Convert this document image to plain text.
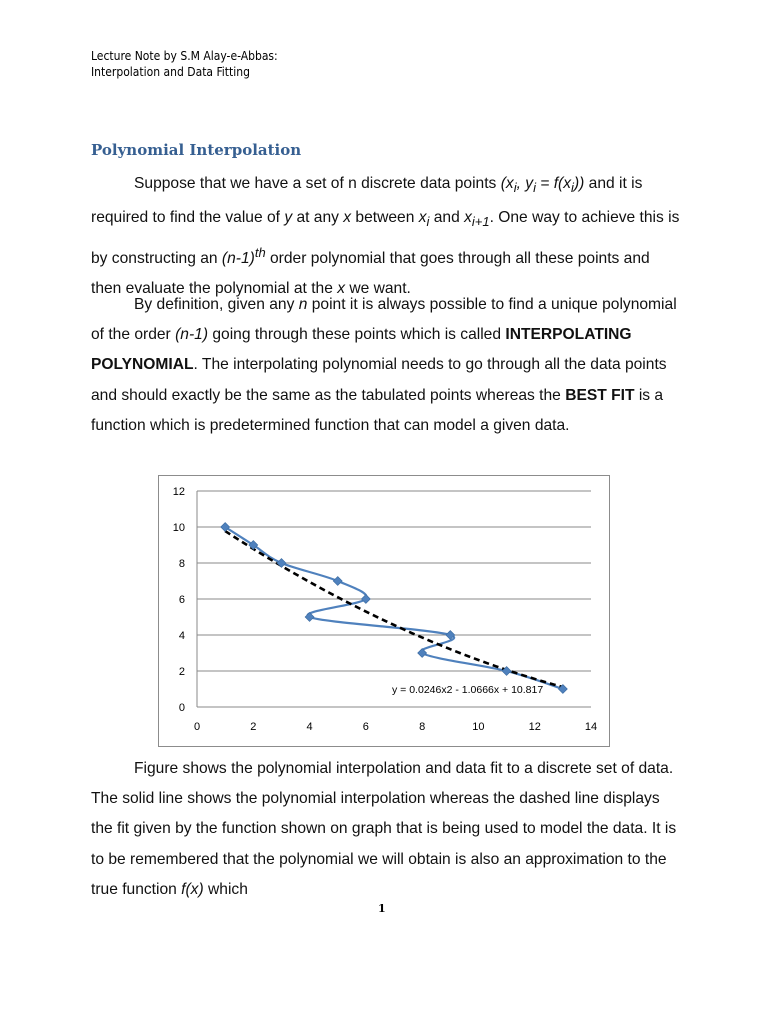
Lecture Note by S.M Alay-e-Abbas:
Interpolation and Data Fitting
Polynomial Interpolation

Suppose that we have a set of n discrete data points ($x_i$, $y_i = f(x_i)$) and it is required to find the value of y at any x between $x_i$ and $x_{i+1}$. One way to achieve this is by constructing an $(n-1)^{th}$ order polynomial that goes through all these points and then evaluate the polynomial at the x we want.

By definition, given any n point it is always possible to find a unique polynomial of the order (n-1) going through these points which is called INTERPOLATING POLYNOMIAL. The interpolating polynomial needs to go through all the data points and should exactly be the same as the tabulated points whereas the BEST FIT is a function which is predetermined function that can model a given data.

0
2
4
6
8
10
12
0	2	4	6	8	10	12	14
y = 0.0246x2 - 1.0666x + 10.817

Figure shows the polynomial interpolation and data fit to a discrete set of data. The solid line shows the polynomial interpolation whereas the dashed line displays the fit given by the function shown on graph that is being used to model the data. It is to be remembered that the polynomial we will obtain is also an approximation to the true function f(x) which

1
